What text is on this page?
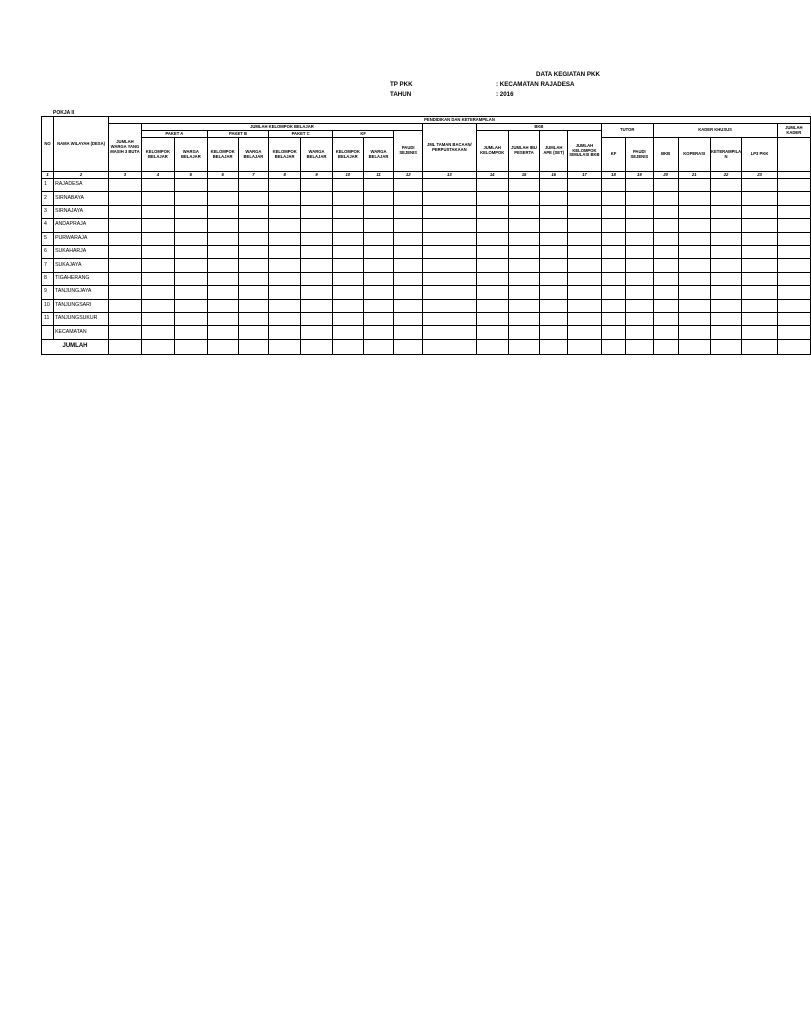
DATA KEGIATAN PKK
TP PKK	: KECAMATAN RAJADESA
TAHUN	: 2016
POKJA II
NO	NAMA WILAYAH (DESA)	PENDIDIKAN DAN KETERAMPILAN																					
		JUMLAH WARGA YANG MASIH 3 BUTA	JUMLAH KELOMPOK BELAJAR									JML TAMAN BACAAN/ PERPUSTAKAAN	BKB				TUTOR		KADER KHUSUS				JUMLAH KADER
			PAKET A		PAKET B		PAKET C		KF		PAUDI SEJENIS		JUMLAH KELOMPOK	JUMLAH IBU PESERTA	JUMLAH APE (SET)	JUMLAH KELOMPOK SIMULASI BKB							
			KELOMPOK BELAJAR	WARGA BELAJAR	KELOMPOK BELAJAR	WARGA BELAJAR	KELOMPOK BELAJAR	WARGA BELAJAR	KELOMPOK BELAJAR	WARGA BELAJAR							KF	PAUDI SEJENIS	BKB	KOPERASI	KETERAMPILA N	LP3 PKK	
1	2	3	4	5	6	7	8	9	10	11	12	13	14	15	16	17	18	19	20	21	22	23	
1	RAJADESA																						
2	SIRNABAYA																						
3	SIRNAJAYA																						
4	ANDAPRAJA																						
5	PURWARAJA																						
6	SUKAHARJA																						
7	SUKAJAYA																						
8	TIGAHERANG																						
9	TANJUNGJAYA																						
10	TANJUNGSARI																						
11	TANJUNGSUKUR																						
	KECAMATAN																						
JUMLAH																							
